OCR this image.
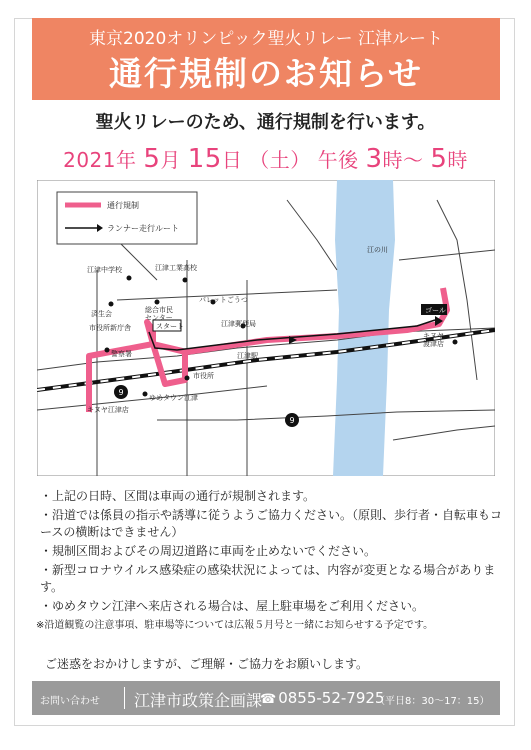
東京2020オリンピック聖火リレー 江津ルート
通行規制のお知らせ
聖火リレーのため、通行規制を行います。
2021年 5月 15日 （土） 午後 3時〜 5時
通行規制
ランナー走行ルート
スタート
ゴール
9
9
江の川
江津中学校	江津工業高校
パレットごうつ
総合市民
センター
済生会
市役所新庁舎
警察署
江津郵便局
江津駅
市役所
ゆめタウン江津
キヌヤ江津店
キヌヤ
渡津店
・上記の日時、区間は車両の通行が規制されます。
・沿道では係員の指示や誘導に従うようご協力ください。（原則、歩行者・自転車もコースの横断はできません）
・規制区間およびその周辺道路に車両を止めないでください。
・新型コロナウイルス感染症の感染状況によっては、内容が変更となる場合があります。
・ゆめタウン江津へ来店される場合は、屋上駐車場をご利用ください。
※沿道観覧の注意事項、駐車場等については広報５月号と一緒にお知らせする予定です。
ご迷惑をおかけしますが、ご理解・ご協力をお願いします。
お問い合わせ 江津市政策企画課
☎ 0855-52-7925
（平日8：30〜17：15）
